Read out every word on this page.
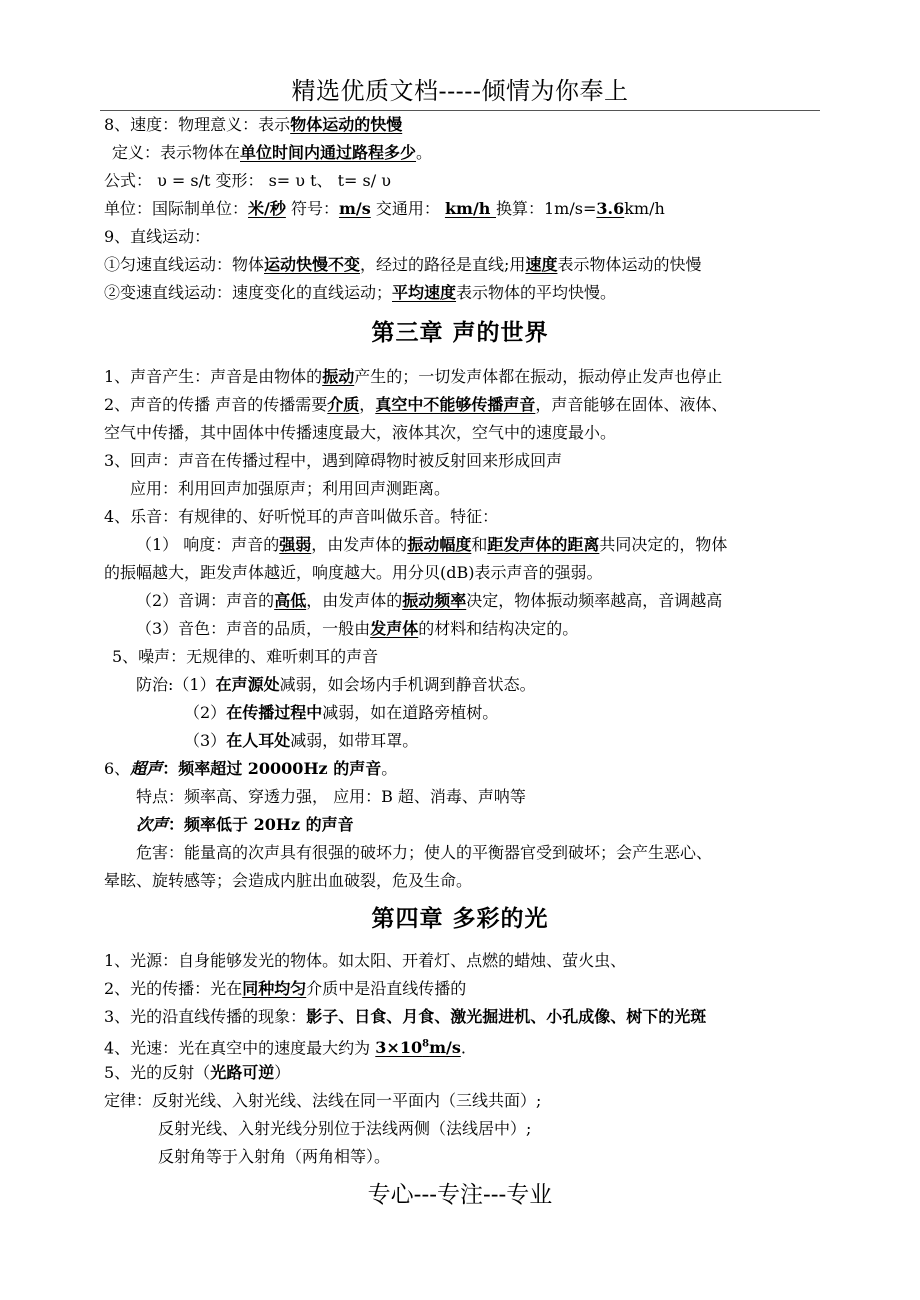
精选优质文档-----倾情为你奉上
8、速度：物理意义：表示物体运动的快慢
定义：表示物体在单位时间内通过路程多少。
公式： υ = s/t 变形： s= υ t、 t= s/ υ
单位：国际制单位：米/秒 符号：m/s 交通用： km/h 换算：1m/s=3.6km/h
9、直线运动：
①匀速直线运动：物体运动快慢不变，经过的路径是直线;用速度表示物体运动的快慢
②变速直线运动：速度变化的直线运动；平均速度表示物体的平均快慢。
第三章 声的世界
1、声音产生：声音是由物体的振动产生的；一切发声体都在振动，振动停止发声也停止
2、声音的传播 声音的传播需要介质，真空中不能够传播声音，声音能够在固体、液体、
空气中传播，其中固体中传播速度最大，液体其次，空气中的速度最小。
3、回声：声音在传播过程中，遇到障碍物时被反射回来形成回声
应用：利用回声加强原声；利用回声测距离。
4、乐音：有规律的、好听悦耳的声音叫做乐音。特征：
（1） 响度：声音的强弱，由发声体的振动幅度和距发声体的距离共同决定的，物体
的振幅越大，距发声体越近，响度越大。用分贝(dB)表示声音的强弱。
（2）音调：声音的高低，由发声体的振动频率决定，物体振动频率越高，音调越高
（3）音色：声音的品质，一般由发声体的材料和结构决定的。
5、噪声：无规律的、难听刺耳的声音
防治:（1）在声源处减弱，如会场内手机调到静音状态。
（2）在传播过程中减弱，如在道路旁植树。
（3）在人耳处减弱，如带耳罩。
6、超声：频率超过 20000Hz 的声音。
特点：频率高、穿透力强， 应用：B 超、消毒、声呐等
次声：频率低于 20Hz 的声音
危害：能量高的次声具有很强的破坏力；使人的平衡器官受到破坏；会产生恶心、
晕眩、旋转感等；会造成内脏出血破裂，危及生命。
第四章 多彩的光
1、光源：自身能够发光的物体。如太阳、开着灯、点燃的蜡烛、萤火虫、
2、光的传播：光在同种均匀介质中是沿直线传播的
3、光的沿直线传播的现象：影子、日食、月食、激光掘进机、小孔成像、树下的光斑
4、光速：光在真空中的速度最大约为 $3\times 10^8m/s$.
5、光的反射（光路可逆）
定律：反射光线、入射光线、法线在同一平面内（三线共面）;
反射光线、入射光线分别位于法线两侧（法线居中）;
反射角等于入射角（两角相等）。
专心---专注---专业
